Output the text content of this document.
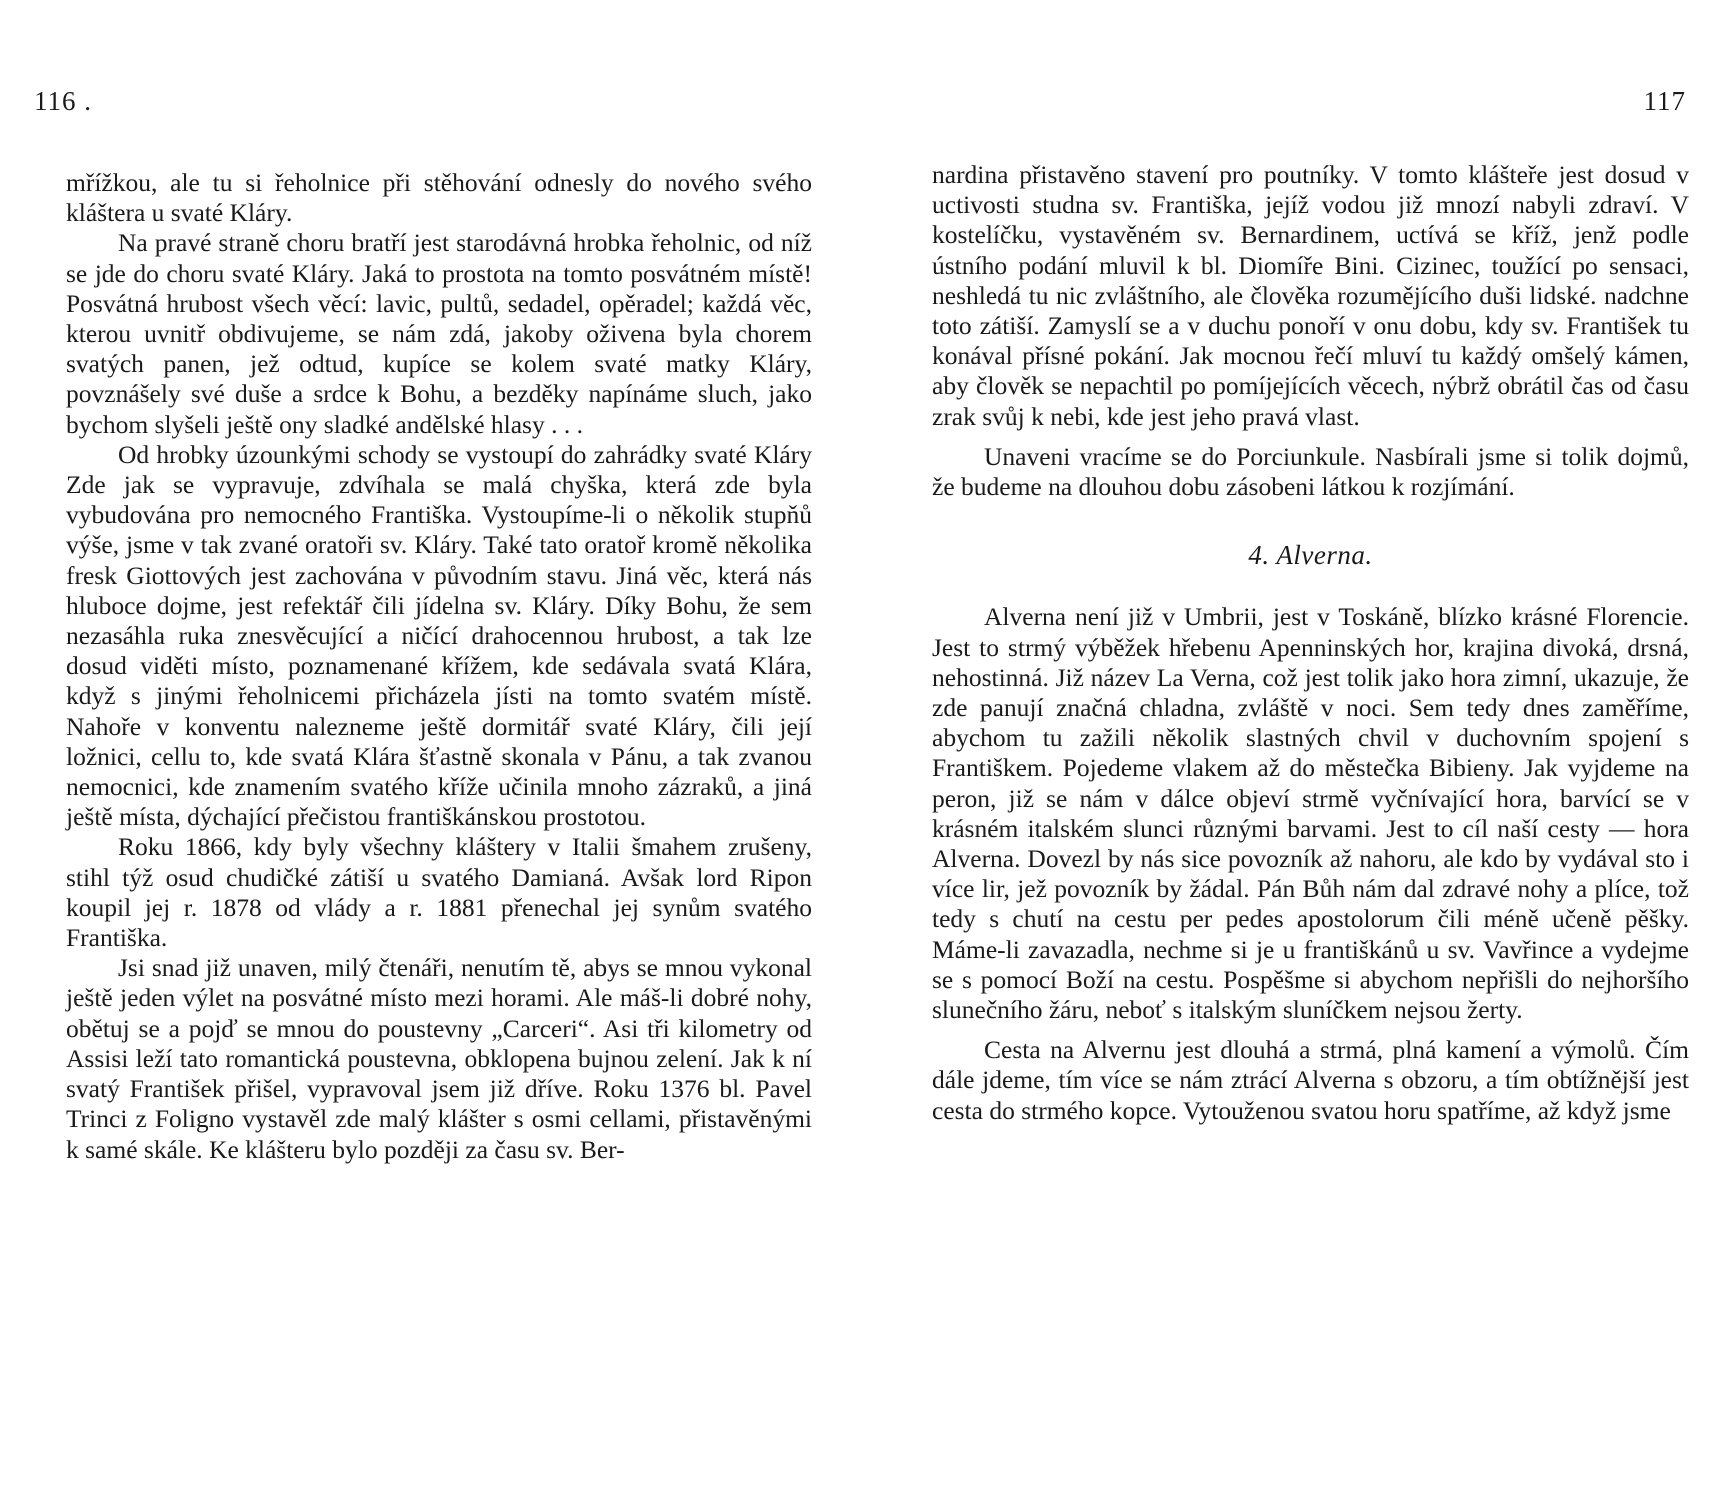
116 .

mřížkou, ale tu si řeholnice při stěhování odnesly do nového svého kláštera u svaté Kláry.

Na pravé straně choru bratří jest starodávná hrobka řeholnic, od níž se jde do choru svaté Kláry. Jaká to prostota na tomto posvátném místě! Posvátná hrubost všech věcí: lavic, pultů, sedadel, opěradel; každá věc, kterou uvnitř obdivujeme, se nám zdá, jakoby oživena byla chorem svatých panen, jež odtud, kupíce se kolem svaté matky Kláry, povznášely své duše a srdce k Bohu, a bezděky napínáme sluch, jako bychom slyšeli ještě ony sladké andělské hlasy . . .

Od hrobky úzounkými schody se vystoupí do zahrádky svaté Kláry Zde jak se vypravuje, zdvíhala se malá chyška, která zde byla vybudována pro nemocného Františka. Vystoupíme-li o několik stupňů výše, jsme v tak zvané oratoři sv. Kláry. Také tato oratoř kromě několika fresk Giottových jest zachována v původním stavu. Jiná věc, která nás hluboce dojme, jest refektář čili jídelna sv. Kláry. Díky Bohu, že sem nezasáhla ruka znesvěcující a ničící drahocennou hrubost, a tak lze dosud viděti místo, poznamenané křížem, kde sedávala svatá Klára, když s jinými řeholnicemi přicházela jísti na tomto svatém místě. Nahoře v konventu nalezneme ještě dormitář svaté Kláry, čili její ložnici, cellu to, kde svatá Klára šťastně skonala v Pánu, a tak zvanou nemocnici, kde znamením svatého kříže učinila mnoho zázraků, a jiná ještě místa, dýchající přečistou františkánskou prostotou.

Roku 1866, kdy byly všechny kláštery v Italii šmahem zrušeny, stihl týž osud chudičké zátiší u svatého Damianá. Avšak lord Ripon koupil jej r. 1878 od vlády a r. 1881 přenechal jej synům svatého Františka.

Jsi snad již unaven, milý čtenáři, nenutím tě, abys se mnou vykonal ještě jeden výlet na posvátné místo mezi horami. Ale máš-li dobré nohy, obětuj se a pojď se mnou do poustevny „Carceri“. Asi tři kilometry od Assisi leží tato romantická poustevna, obklopena bujnou zelení. Jak k ní svatý František přišel, vypravoval jsem již dříve. Roku 1376 bl. Pavel Trinci z Foligno vystavěl zde malý klášter s osmi cellami, přistavěnými k samé skále. Ke klášteru bylo později za času sv. Ber-

117

nardina přistavěno stavení pro poutníky. V tomto klášteře jest dosud v uctivosti studna sv. Františka, jejíž vodou již mnozí nabyli zdraví. V kostelíčku, vystavěném sv. Bernardinem, uctívá se kříž, jenž podle ústního podání mluvil k bl. Diomíře Bini. Cizinec, toužící po sensaci, neshledá tu nic zvláštního, ale člověka rozumějícího duši lidské. nadchne toto zátiší. Zamyslí se a v duchu ponoří v onu dobu, kdy sv. František tu konával přísné pokání. Jak mocnou řečí mluví tu každý omšelý kámen, aby člověk se nepachtil po pomíjejících věcech, nýbrž obrátil čas od času zrak svůj k nebi, kde jest jeho pravá vlast.

Unaveni vracíme se do Porciunkule. Nasbírali jsme si tolik dojmů, že budeme na dlouhou dobu zásobeni látkou k rozjímání.

4. Alverna.

Alverna není již v Umbrii, jest v Toskáně, blízko krásné Florencie. Jest to strmý výběžek hřebenu Apenninských hor, krajina divoká, drsná, nehostinná. Již název La Verna, což jest tolik jako hora zimní, ukazuje, že zde panují značná chladna, zvláště v noci. Sem tedy dnes zaměříme, abychom tu zažili několik slastných chvil v duchovním spojení s Františkem. Pojedeme vlakem až do městečka Bibieny. Jak vyjdeme na peron, již se nám v dálce objeví strmě vyčnívající hora, barvící se v krásném italském slunci různými barvami. Jest to cíl naší cesty — hora Alverna. Dovezl by nás sice povozník až nahoru, ale kdo by vydával sto i více lir, jež povozník by žádal. Pán Bůh nám dal zdravé nohy a plíce, tož tedy s chutí na cestu per pedes apostolorum čili méně učeně pěšky. Máme-li zavazadla, nechme si je u františkánů u sv. Vavřince a vydejme se s pomocí Boží na cestu. Pospěšme si abychom nepřišli do nejhoršího slunečního žáru, neboť s italským sluníčkem nejsou žerty.

Cesta na Alvernu jest dlouhá a strmá, plná kamení a výmolů. Čím dále jdeme, tím více se nám ztrácí Alverna s obzoru, a tím obtížnější jest cesta do strmého kopce. Vytouženou svatou horu spatříme, až když jsme
